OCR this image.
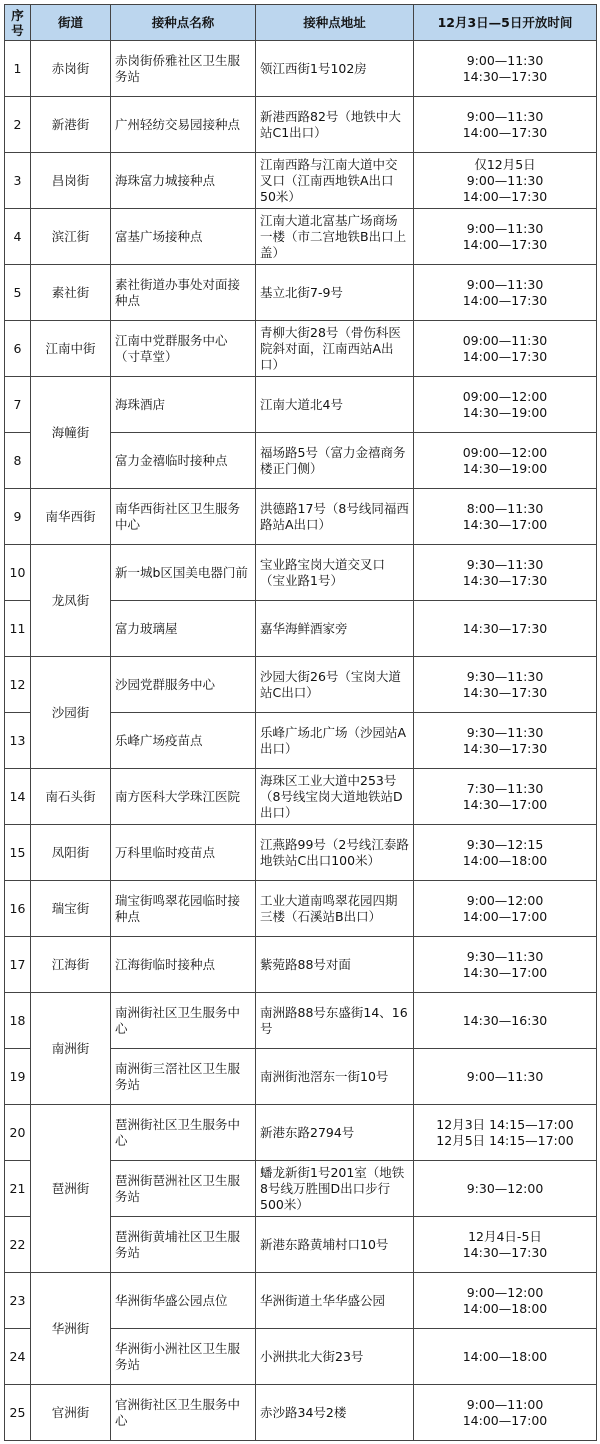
序号	街道	接种点名称	接种点地址	12月3日—5日开放时间
1	赤岗街	赤岗街侨雅社区卫生服务站	领江西街1号102房	9:00—11:30
14:30—17:30
2	新港街	广州轻纺交易园接种点	新港西路82号（地铁中大站C1出口）	9:00—11:30
14:00—17:30
3	昌岗街	海珠富力城接种点	江南西路与江南大道中交叉口（江南西地铁A出口50米）	仅12月5日
9:00—11:30
14:00—17:30
4	滨江街	富基广场接种点	江南大道北富基广场商场一楼（市二宫地铁B出口上盖）	9:00—11:30
14:00—17:30
5	素社街	素社街道办事处对面接种点	基立北街7-9号	9:00—11:30
14:00—17:30
6	江南中街	江南中党群服务中心（寸草堂）	青柳大街28号（骨伤科医院斜对面，江南西站A出口）	09:00—11:30
14:00—17:30
7	海幢街	海珠酒店	江南大道北4号	09:00—12:00
14:30—19:00
8		富力金禧临时接种点	福场路5号（富力金禧商务楼正门侧）	09:00—12:00
14:30—19:00
9	南华西街	南华西街社区卫生服务中心	洪德路17号（8号线同福西路站A出口）	8:00—11:30
14:30—17:00
10	龙凤街	新一城b区国美电器门前	宝业路宝岗大道交叉口（宝业路1号）	9:30—11:30
14:30—17:30
11		富力玻璃屋	嘉华海鲜酒家旁	14:30—17:30
12	沙园街	沙园党群服务中心	沙园大街26号（宝岗大道站C出口）	9:30—11:30
14:30—17:30
13		乐峰广场疫苗点	乐峰广场北广场（沙园站A出口）	9:30—11:30
14:30—17:30
14	南石头街	南方医科大学珠江医院	海珠区工业大道中253号（8号线宝岗大道地铁站D出口）	7:30—11:30
14:30—17:00
15	凤阳街	万科里临时疫苗点	江燕路99号（2号线江泰路地铁站C出口100米）	9:30—12:15
14:00—18:00
16	瑞宝街	瑞宝街鸣翠花园临时接种点	工业大道南鸣翠花园四期三楼（石溪站B出口）	9:00—12:00
14:00—17:00
17	江海街	江海街临时接种点	紫菀路88号对面	9:30—11:30
14:30—17:00
18	南洲街	南洲街社区卫生服务中心	南洲路88号东盛街14、16号	14:30—16:30
19		南洲街三滘社区卫生服务站	南洲街池滘东一街10号	9:00—11:30
20	琶洲街	琶洲街社区卫生服务中心	新港东路2794号	12月3日 14:15—17:00
12月5日 14:15—17:00
21		琶洲街琶洲社区卫生服务站	蟠龙新街1号201室（地铁8号线万胜围D出口步行500米）	9:30—12:00
22		琶洲街黄埔社区卫生服务站	新港东路黄埔村口10号	12月4日-5日
14:30—17:30
23	华洲街	华洲街华盛公园点位	华洲街道土华华盛公园	9:00—12:00
14:00—18:00
24		华洲街小洲社区卫生服务站	小洲拱北大街23号	14:00—18:00
25	官洲街	官洲街社区卫生服务中心	赤沙路34号2楼	9:00—11:00
14:00—17:00
